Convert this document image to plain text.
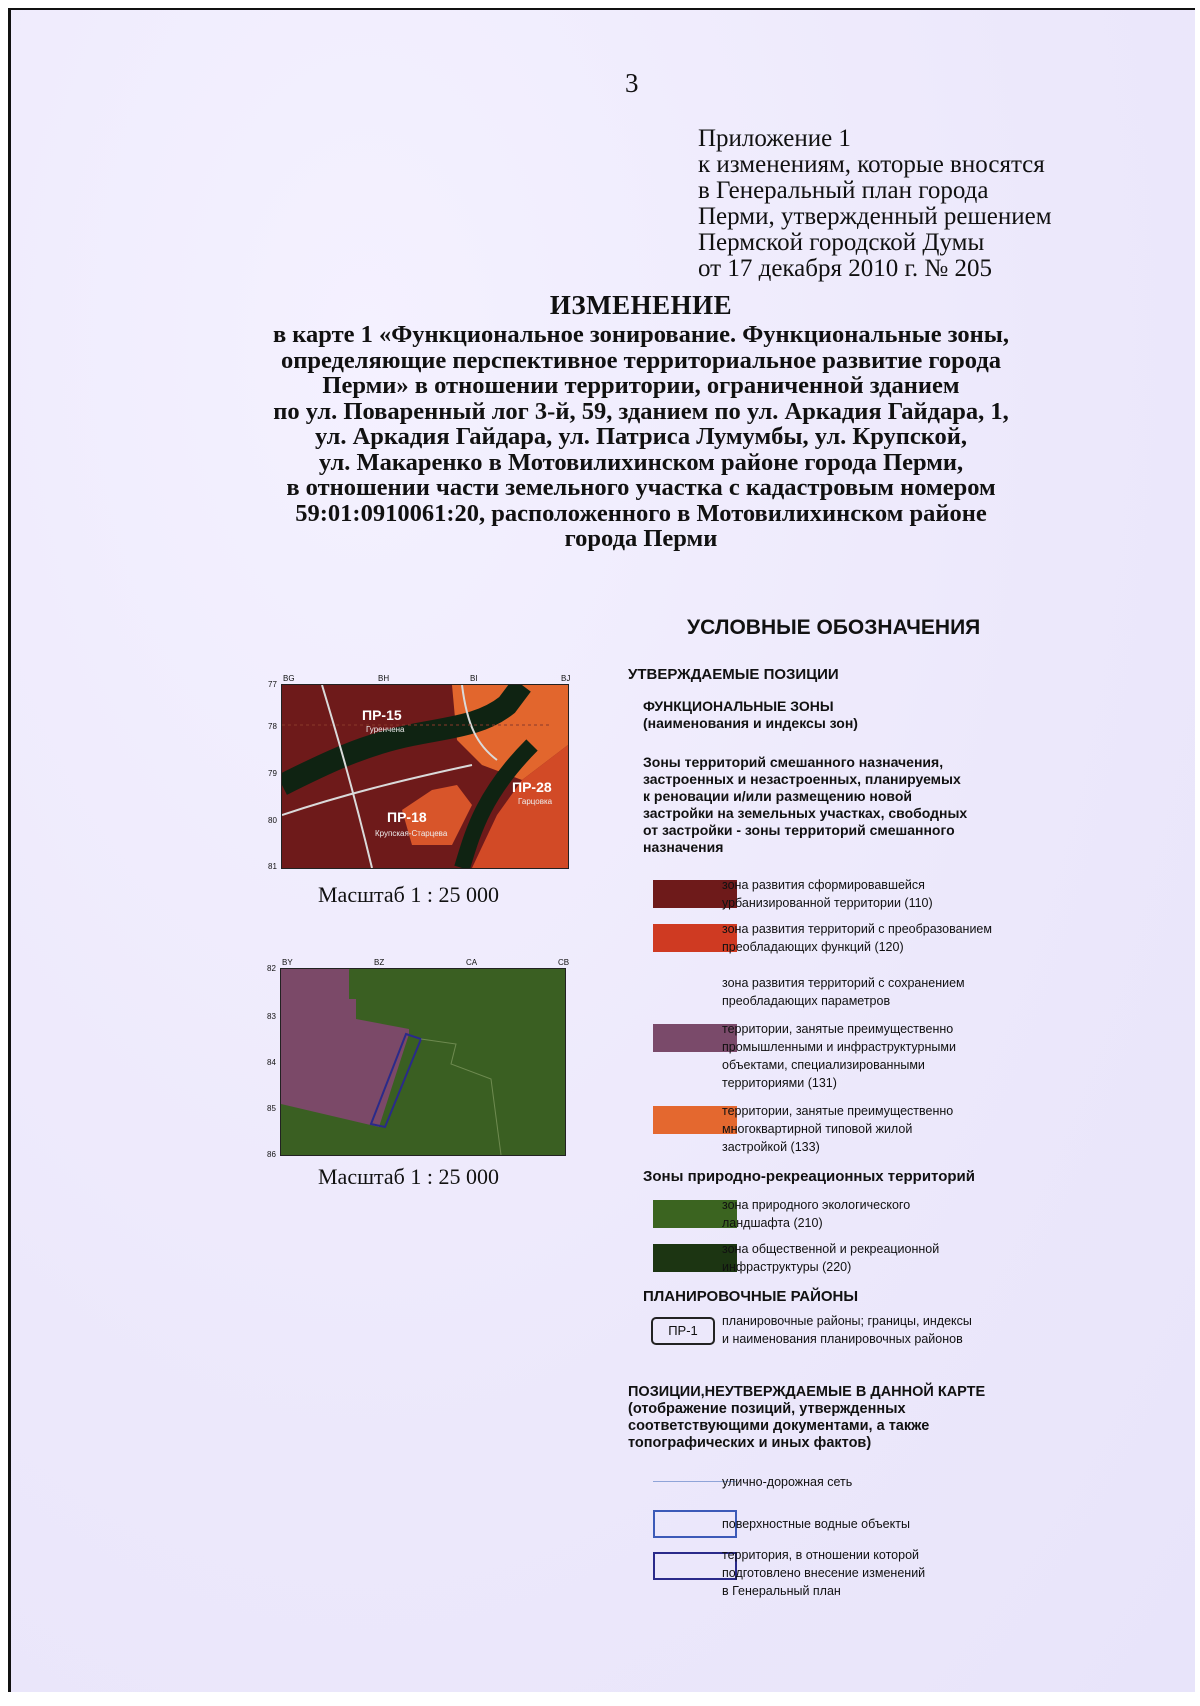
3
Приложение 1
к изменениям, которые вносятся
в Генеральный план города
Перми, утвержденный решением
Пермской городской Думы
от 17 декабря 2010 г. № 205
ИЗМЕНЕНИЕ
в карте 1 «Функциональное зонирование. Функциональные зоны,
определяющие перспективное территориальное развитие города
Перми» в отношении территории, ограниченной зданием
по ул. Поваренный лог 3-й, 59, зданием по ул. Аркадия Гайдара, 1,
ул. Аркадия Гайдара, ул. Патриса Лумумбы, ул. Крупской,
ул. Макаренко в Мотовилихинском районе города Перми,
в отношении части земельного участка с кадастровым номером
59:01:0910061:20, расположенного в Мотовилихинском районе
города Перми
BG	BH	BI	BJ
77
78
79
80
81
ПР-15
Гуренчена
ПР-18
Крупская-Старцева
ПР-28
Гарцовка
Масштаб 1 : 25 000
BY	BZ	CA	CB
82
83
84
85
86
Масштаб 1 : 25 000
УСЛОВНЫЕ ОБОЗНАЧЕНИЯ
УТВЕРЖДАЕМЫЕ ПОЗИЦИИ
ФУНКЦИОНАЛЬНЫЕ ЗОНЫ
(наименования и индексы зон)
Зоны территорий смешанного назначения,
застроенных и незастроенных, планируемых
к реновации и/или размещению новой
застройки на земельных участках, свободных
от застройки - зоны территорий смешанного
назначения
зона развития сформировавшейся
урбанизированной территории (110)
зона развития территорий с преобразованием
преобладающих функций (120)
зона развития территорий с сохранением
преобладающих параметров
территории, занятые преимущественно
промышленными и инфраструктурными
объектами, специализированными
территориями (131)
территории, занятые преимущественно
многоквартирной типовой жилой
застройкой (133)
Зоны природно-рекреационных территорий
зона природного экологического
ландшафта (210)
зона общественной и рекреационной
инфраструктуры (220)
ПЛАНИРОВОЧНЫЕ РАЙОНЫ
ПР-1
планировочные районы; границы, индексы
и наименования планировочных районов
ПОЗИЦИИ,НЕУТВЕРЖДАЕМЫЕ В ДАННОЙ КАРТЕ
(отображение позиций, утвержденных
соответствующими документами, а также
топографических и иных фактов)
улично-дорожная сеть
поверхностные водные объекты
территория, в отношении которой
подготовлено внесение изменений
в Генеральный план
